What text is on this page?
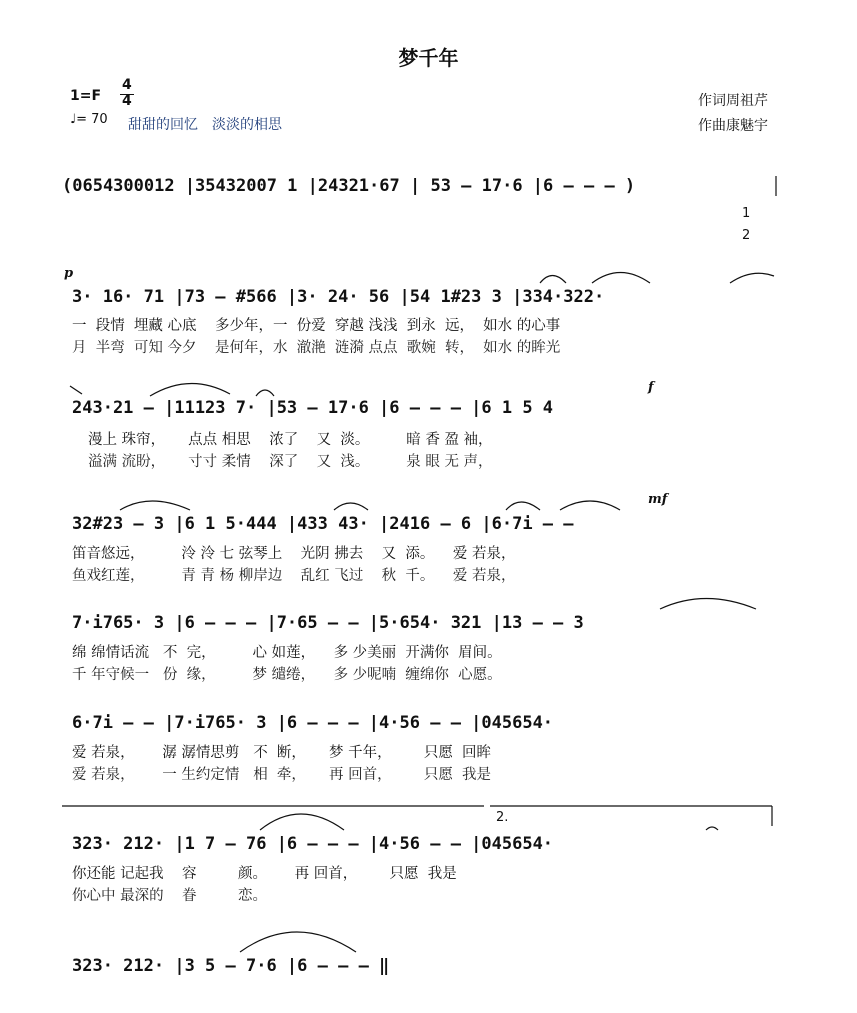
梦千年
1=F
4
4
♩= 70 甜甜的回忆　淡淡的相思
作词周祖芹
作曲康魅宇
(0654300012 |35432007 1 |24321·67 | 53 – 17·6 |6 – – – )
1
2
p
3· 16· 71 |73 – #566 |3· 24· 56 |54 1#23 3 |334·322·
一  段情  埋藏 心底    多少年，一  份爱  穿越 浅浅  到永  远，  如水 的心事
月  半弯  可知 今夕    是何年，水  澈滟  涟漪 点点  歌婉  转，  如水 的眸光
f
243·21 – |11123 7· |53 – 17·6 |6 – – – |6 1 5 4
漫上 珠帘，     点点 相思    浓了    又  淡。        暗 香 盈 袖，
溢满 流盼，     寸寸 柔情    深了    又  浅。        泉 眼 无 声，
mf
32#23 – 3 |6 1 5·444 |433 43· |2416 – 6 |6·7i – –
笛音悠远，        泠 泠 七 弦琴上    光阴 拂去    又  添。    爱 若泉，
鱼戏红莲，        青 青 杨 柳岸边    乱红 飞过    秋  千。    爱 若泉，
7·i765· 3 |6 – – – |7·65 – – |5·654· 321 |13 – – 3
绵 绵情话流   不  完，        心 如莲，    多 少美丽  开满你  眉间。
千 年守候一   份  缘，        梦 缱绻，    多 少呢喃  缠绵你  心愿。
6·7i – – |7·i765· 3 |6 – – – |4·56 – – |045654·
爱 若泉，      潺 潺情思剪   不  断，     梦 千年，       只愿  回眸
爱 若泉，      一 生约定情   相  牵，     再 回首，       只愿  我是
2.
323· 212· |1 7 – 76 |6 – – – |4·56 – – |045654·
你还能 记起我    容         颜。      再 回首，       只愿  我是
你心中 最深的    眷         恋。
323· 212· |3 5 – 7·6 |6 – – – ‖
